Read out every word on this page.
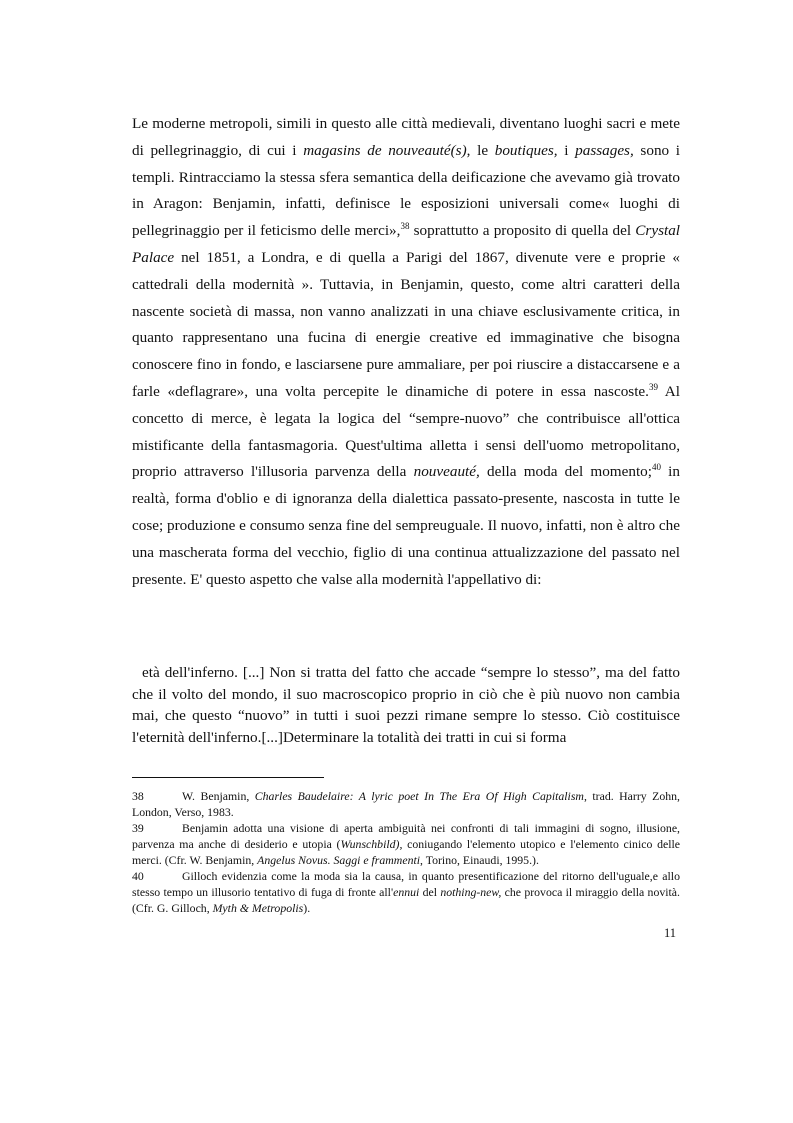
Le moderne metropoli, simili in questo alle città medievali, diventano luoghi sacri e mete di pellegrinaggio, di cui i magasins de nouveauté(s), le boutiques, i passages, sono i templi. Rintracciamo la stessa sfera semantica della deificazione che avevamo già trovato in Aragon: Benjamin, infatti, definisce le esposizioni universali come« luoghi di pellegrinaggio per il feticismo delle merci»,$^{38}$ soprattutto a proposito di quella del Crystal Palace nel 1851, a Londra, e di quella a Parigi del 1867, divenute vere e proprie « cattedrali della modernità ». Tuttavia, in Benjamin, questo, come altri caratteri della nascente società di massa, non vanno analizzati in una chiave esclusivamente critica, in quanto rappresentano una fucina di energie creative ed immaginative che bisogna conoscere fino in fondo, e lasciarsene pure ammaliare, per poi riuscire a distaccarsene e a farle «deflagrare», una volta percepite le dinamiche di potere in essa nascoste.$^{39}$ Al concetto di merce, è legata la logica del “sempre-nuovo” che contribuisce all'ottica mistificante della fantasmagoria. Quest'ultima alletta i sensi dell'uomo metropolitano, proprio attraverso l'illusoria parvenza della nouveauté, della moda del momento;$^{40}$ in realtà, forma d'oblio e di ignoranza della dialettica passato-presente, nascosta in tutte le cose; produzione e consumo senza fine del sempreuguale. Il nuovo, infatti, non è altro che una mascherata forma del vecchio, figlio di una continua attualizzazione del passato nel presente. E' questo aspetto che valse alla modernità l'appellativo di:

età dell'inferno. [...] Non si tratta del fatto che accade “sempre lo stesso”, ma del fatto che il volto del mondo, il suo macroscopico proprio in ciò che è più nuovo non cambia mai, che questo “nuovo” in tutti i suoi pezzi rimane sempre lo stesso. Ciò costituisce l'eternità dell'inferno.[...]Determinare la totalità dei tratti in cui si forma

38	W. Benjamin, Charles Baudelaire: A lyric poet In The Era Of High Capitalism, trad. Harry Zohn, London, Verso, 1983.

39	Benjamin adotta una visione di aperta ambiguità nei confronti di tali immagini di sogno, illusione, parvenza ma anche di desiderio e utopia (Wunschbild), coniugando l'elemento utopico e l'elemento cinico delle merci. (Cfr. W. Benjamin, Angelus Novus. Saggi e frammenti, Torino, Einaudi, 1995.).

40	Gilloch evidenzia come la moda sia la causa, in quanto presentificazione del ritorno dell'uguale,e allo stesso tempo un illusorio tentativo di fuga di fronte all'ennui del nothing-new, che provoca il miraggio della novità. (Cfr. G. Gilloch, Myth & Metropolis).

11
